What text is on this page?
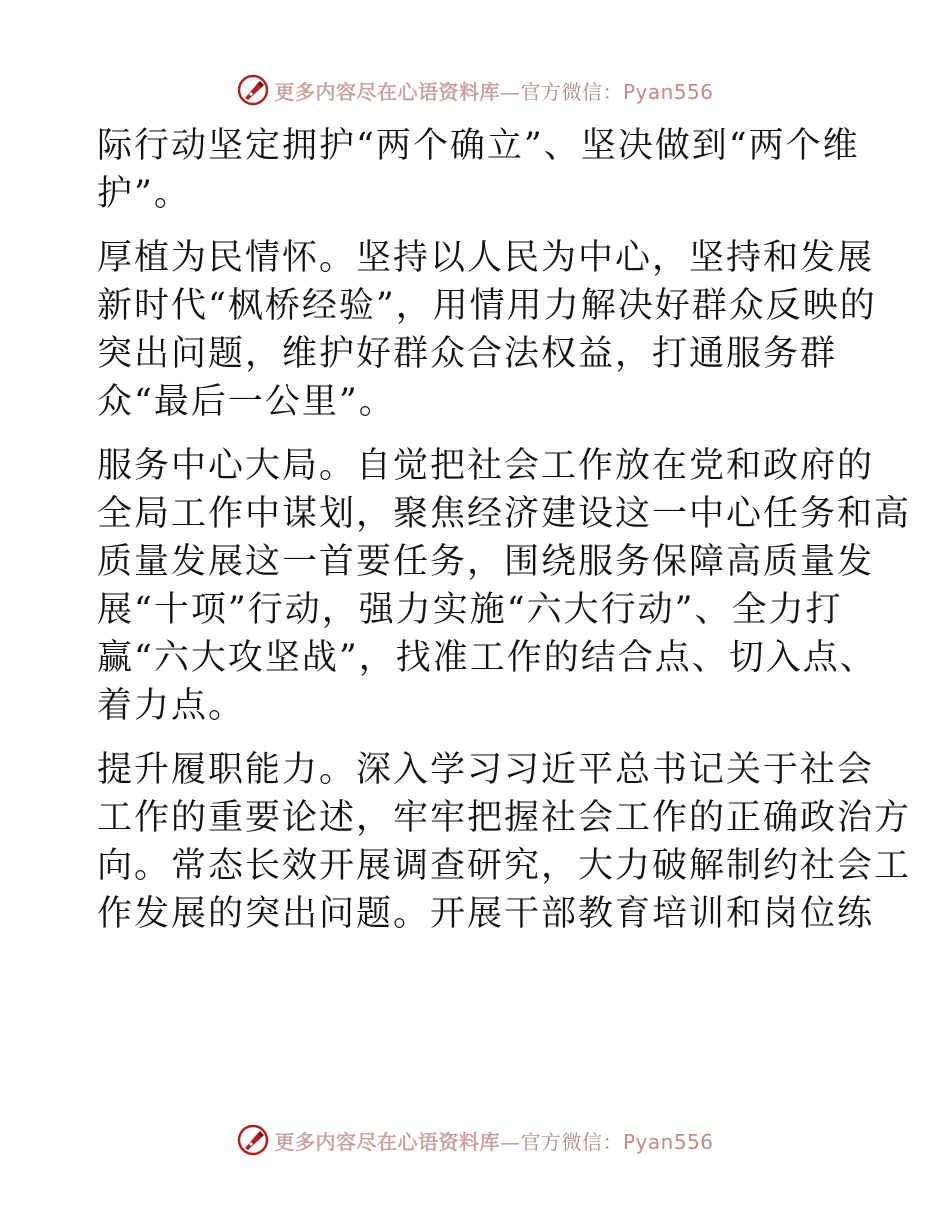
更多内容尽在心语资料库—官方微信：Pyan556

际行动坚定拥护“两个确立”、坚决做到“两个维
护”。

厚植为民情怀。坚持以人民为中心，坚持和发展
新时代“枫桥经验”，用情用力解决好群众反映的
突出问题，维护好群众合法权益，打通服务群
众“最后一公里”。

服务中心大局。自觉把社会工作放在党和政府的
全局工作中谋划，聚焦经济建设这一中心任务和高
质量发展这一首要任务，围绕服务保障高质量发
展“十项”行动，强力实施“六大行动”、全力打
赢“六大攻坚战”，找准工作的结合点、切入点、
着力点。

提升履职能力。深入学习习近平总书记关于社会
工作的重要论述，牢牢把握社会工作的正确政治方
向。常态长效开展调查研究，大力破解制约社会工
作发展的突出问题。开展干部教育培训和岗位练

更多内容尽在心语资料库—官方微信：Pyan556
